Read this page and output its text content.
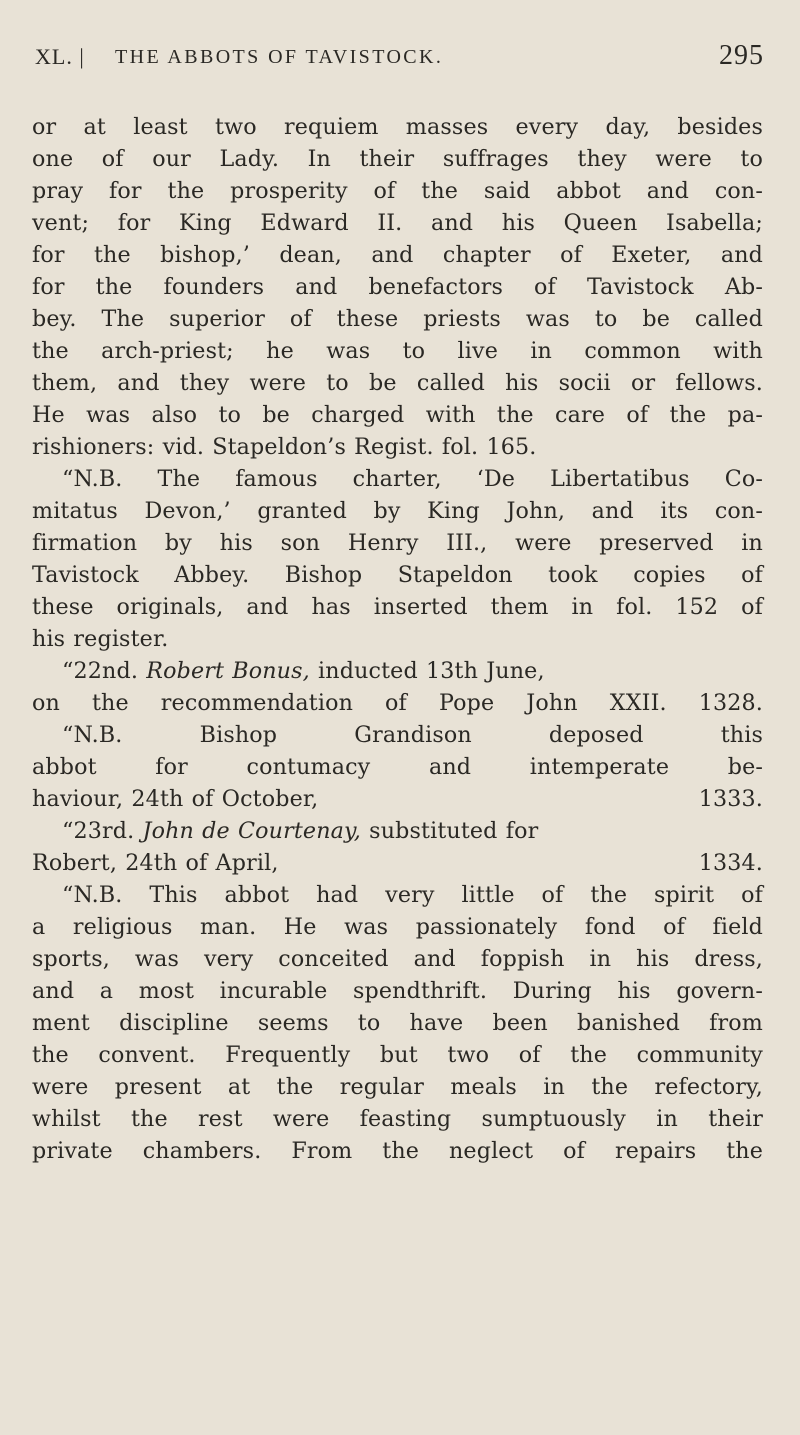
XL. | THE ABBOTS OF TAVISTOCK.	295
or at least two requiem masses every day, besides
one of our Lady. In their suffrages they were to
pray for the prosperity of the said abbot and con-
vent; for King Edward II. and his Queen Isabella;
for the bishop,’ dean, and chapter of Exeter, and
for the founders and benefactors of Tavistock Ab-
bey. The superior of these priests was to be called
the arch-priest; he was to live in common with
them, and they were to be called his socii or fellows.
He was also to be charged with the care of the pa-
rishioners: vid. Stapeldon’s Regist. fol. 165.
“N.B. The famous charter, ‘De Libertatibus Co-
mitatus Devon,’ granted by King John, and its con-
firmation by his son Henry III., were preserved in
Tavistock Abbey. Bishop Stapeldon took copies of
these originals, and has inserted them in fol. 152 of
his register.
“22nd. Robert Bonus, inducted 13th June,
on the recommendation of Pope John XXII. 1328.
“N.B. Bishop Grandison deposed this
abbot for contumacy and intemperate be-
haviour, 24th of October,	1333.
“23rd. John de Courtenay, substituted for
Robert, 24th of April,	1334.
“N.B. This abbot had very little of the spirit of
a religious man. He was passionately fond of field
sports, was very conceited and foppish in his dress,
and a most incurable spendthrift. During his govern-
ment discipline seems to have been banished from
the convent. Frequently but two of the community
were present at the regular meals in the refectory,
whilst the rest were feasting sumptuously in their
private chambers. From the neglect of repairs the
